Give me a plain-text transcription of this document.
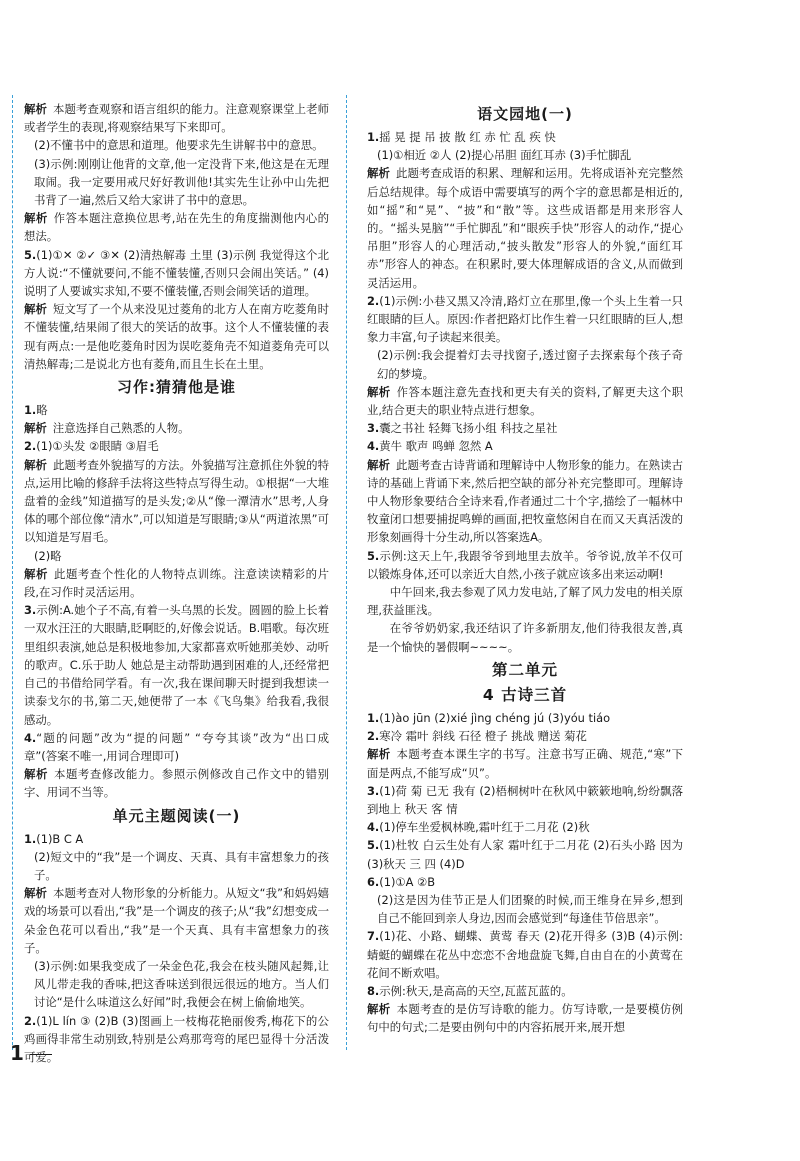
解析 本题考查观察和语言组织的能力。注意观察课堂上老师或者学生的表现,将观察结果写下来即可。

(2)不懂书中的意思和道理。他要求先生讲解书中的意思。

(3)示例:刚刚让他背的文章,他一定没背下来,他这是在无理取闹。我一定要用戒尺好好教训他!其实先生让孙中山先把书背了一遍,然后又给大家讲了书中的意思。

解析 作答本题注意换位思考,站在先生的角度揣测他内心的想法。

5.(1)①✕ ②✓ ③✕ (2)清热解毒 土里 (3)示例 我觉得这个北方人说:“不懂就要问,不能不懂装懂,否则只会闹出笑话。” (4)说明了人要诚实求知,不要不懂装懂,否则会闹笑话的道理。

解析 短文写了一个从来没见过菱角的北方人在南方吃菱角时不懂装懂,结果闹了很大的笑话的故事。这个人不懂装懂的表现有两点:一是他吃菱角时因为误吃菱角壳不知道菱角壳可以清热解毒;二是说北方也有菱角,而且生长在土里。

习作:猜猜他是谁

1.略

解析 注意选择自己熟悉的人物。

2.(1)①头发 ②眼睛 ③眉毛

解析 此题考查外貌描写的方法。外貌描写注意抓住外貌的特点,运用比喻的修辞手法将这些特点写得生动。①根据“一大堆盘着的金线”知道描写的是头发;②从“像一潭清水”思考,人身体的哪个部位像“清水”,可以知道是写眼睛;③从“两道浓黑”可以知道是写眉毛。

(2)略

解析 此题考查个性化的人物特点训练。注意读读精彩的片段,在习作时灵活运用。

3.示例:A.她个子不高,有着一头乌黑的长发。圆圆的脸上长着一双水汪汪的大眼睛,眨啊眨的,好像会说话。B.唱歌。每次班里组织表演,她总是积极地参加,大家都喜欢听她那美妙、动听的歌声。C.乐于助人 她总是主动帮助遇到困难的人,还经常把自己的书借给同学看。有一次,我在课间聊天时提到我想读一读泰戈尔的书,第二天,她便带了一本《飞鸟集》给我看,我很感动。

4.“题的问题”改为“提的问题” “夸夸其谈”改为“出口成章”(答案不唯一,用词合理即可)

解析 本题考查修改能力。参照示例修改自己作文中的错别字、用词不当等。

单元主题阅读(一)

1.(1)B C A

(2)短文中的“我”是一个调皮、天真、具有丰富想象力的孩子。

解析 本题考查对人物形象的分析能力。从短文“我”和妈妈嬉戏的场景可以看出,“我”是一个调皮的孩子;从“我”幻想变成一朵金色花可以看出,“我”是一个天真、具有丰富想象力的孩子。

(3)示例:如果我变成了一朵金色花,我会在枝头随风起舞,让风儿带走我的香味,把这香味送到很远很远的地方。当人们讨论“是什么味道这么好闻”时,我便会在树上偷偷地笑。

2.(1)L lín ③ (2)B (3)图画上一枝梅花艳丽俊秀,梅花下的公鸡画得非常生动别致,特别是公鸡那弯弯的尾巴显得十分活泼可爱。

语文园地(一)

1.摇 晃 提 吊 披 散 红 赤 忙 乱 疾 快

(1)①相近 ②人 (2)提心吊胆 面红耳赤 (3)手忙脚乱

解析 此题考查成语的积累、理解和运用。先将成语补充完整然后总结规律。每个成语中需要填写的两个字的意思都是相近的,如“摇”和“晃”、“披”和“散”等。这些成语都是用来形容人的。“摇头晃脑”“手忙脚乱”和“眼疾手快”形容人的动作,“提心吊胆”形容人的心理活动,“披头散发”形容人的外貌,“面红耳赤”形容人的神态。在积累时,要大体理解成语的含义,从而做到灵活运用。

2.(1)示例:小巷又黑又冷清,路灯立在那里,像一个头上生着一只红眼睛的巨人。原因:作者把路灯比作生着一只红眼睛的巨人,想象力丰富,句子读起来很美。

(2)示例:我会提着灯去寻找窗子,透过窗子去探索每个孩子奇幻的梦境。

解析 作答本题注意先查找和更夫有关的资料,了解更夫这个职业,结合更夫的职业特点进行想象。

3.囊之书社 轻舞飞扬小组 科技之星社

4.黄牛 歌声 鸣蝉 忽然 A

解析 此题考查古诗背诵和理解诗中人物形象的能力。在熟读古诗的基础上背诵下来,然后把空缺的部分补充完整即可。理解诗中人物形象要结合全诗来看,作者通过二十个字,描绘了一幅林中牧童闭口想要捕捉鸣蝉的画面,把牧童悠闲自在而又天真活泼的形象刻画得十分生动,所以答案选A。

5.示例:这天上午,我跟爷爷到地里去放羊。爷爷说,放羊不仅可以锻炼身体,还可以亲近大自然,小孩子就应该多出来运动啊!

中午回来,我去参观了风力发电站,了解了风力发电的相关原理,获益匪浅。

在爷爷奶奶家,我还结识了许多新朋友,他们待我很友善,真是一个愉快的暑假啊~~~~。

第二单元
4 古诗三首

1.(1)ào jūn (2)xié jìng chéng jú (3)yóu tiáo

2.寒冷 霜叶 斜线 石径 橙子 挑战 赠送 菊花

解析 本题考查本课生字的书写。注意书写正确、规范,“寒”下面是两点,不能写成“贝”。

3.(1)荷 菊 已无 我有 (2)梧桐树叶在秋风中簌簌地响,纷纷飘落到地上 秋天 客 情

4.(1)停车坐爱枫林晚,霜叶红于二月花 (2)秋

5.(1)杜牧 白云生处有人家 霜叶红于二月花 (2)石头小路 因为 (3)秋天 三 四 (4)D

6.(1)①A ②B

(2)这是因为佳节正是人们团聚的时候,而王维身在异乡,想到自己不能回到亲人身边,因而会感觉到“每逢佳节倍思亲”。

7.(1)花、小路、蝴蝶、黄莺 春天 (2)花开得多 (3)B (4)示例:蜻蜓的蝴蝶在花丛中恋恋不舍地盘旋飞舞,自由自在的小黄莺在花间不断欢唱。

8.示例:秋天,是高高的天空,瓦蓝瓦蓝的。

解析 本题考查的是仿写诗歌的能力。仿写诗歌,一是要模仿例句中的句式;二是要由例句中的内容拓展开来,展开想

1
